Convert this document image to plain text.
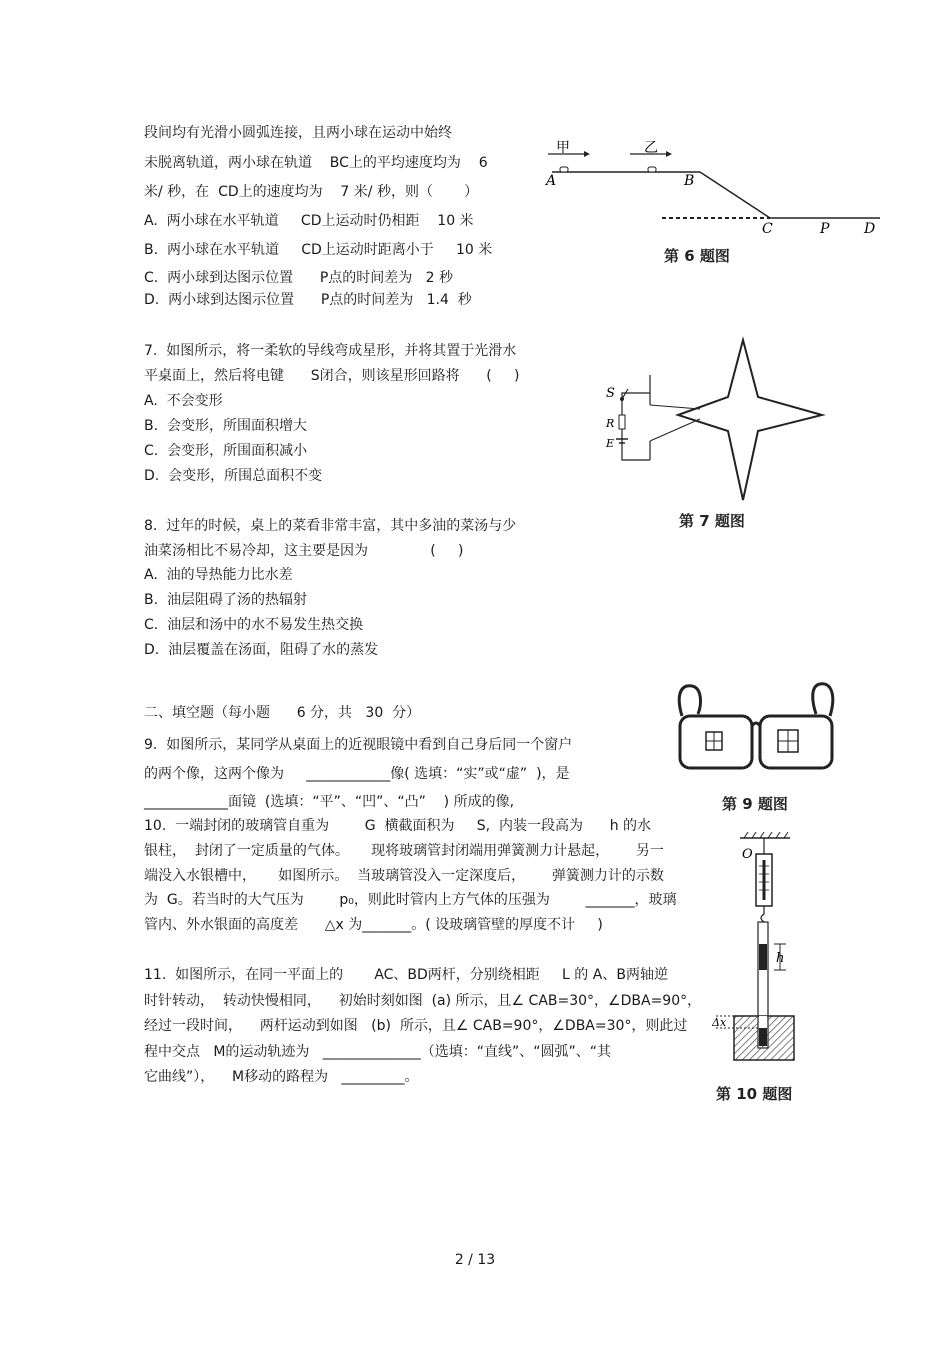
段间均有光滑小圆弧连接，且两小球在运动中始终
未脱离轨道，两小球在轨道    BC上的平均速度均为    6
米/ 秒，在  CD上的速度均为    7 米/ 秒，则（       ）
A.  两小球在水平轨道     CD上运动时仍相距    10 米
B.  两小球在水平轨道     CD上运动时距离小于     10 米
C.  两小球到达图示位置      P点的时间差为   2 秒
D.  两小球到达图示位置      P点的时间差为   1.4  秒
甲	乙
A	B
C	P D
第 6 题图
7.  如图所示，将一柔软的导线弯成星形，并将其置于光滑水
平桌面上，然后将电键      S闭合，则该星形回路将      (     )
A.  不会变形
B.  会变形，所围面积增大
C.  会变形，所围面积减小
D.  会变形，所围总面积不变
S
R
E
第 7 题图
8.  过年的时候，桌上的菜看非常丰富，其中多油的菜汤与少
油菜汤相比不易冷却，这主要是因为              (     )
A.  油的导热能力比水差
B.  油层阻碍了汤的热辐射
C.  油层和汤中的水不易发生热交换
D.  油层覆盖在汤面，阻碍了水的蒸发
二、填空题（每小题      6 分，共   30  分）
9.  如图所示，某同学从桌面上的近视眼镜中看到自己身后同一个窗户
的两个像，这两个像为     ____________像( 选填：“实”或“虚”  )，是
____________面镜  (选填：“平”、“凹”、“凸”    ) 所成的像,	第 9 题图
10.  一端封闭的玻璃管自重为        G  横截面积为     S,  内装一段高为      h 的水
银柱，  封闭了一定质量的气体。     现将玻璃管封闭端用弹簧测力计悬起，      另一
端没入水银槽中，     如图所示。  当玻璃管没入一定深度后，      弹簧测力计的示数
为  G。若当时的大气压为        p₀，则此时管内上方气体的压强为        _______，玻璃
管内、外水银面的高度差      △x 为_______。( 设玻璃管壁的厚度不计     )
O
h
Δx
第 10 题图
11.  如图所示，在同一平面上的       AC、BD两杆，分别绕相距     L 的 A、B两轴逆
时针转动，  转动快慢相同，    初始时刻如图  (a) 所示，且∠ CAB=30°，∠DBA=90°，
经过一段时间，    两杆运动到如图   (b)  所示，且∠ CAB=90°，∠DBA=30°，则此过
程中交点   M的运动轨迹为   ______________（选填：“直线”、“圆弧”、“其
它曲线”），    M移动的路程为   _________。
2 / 13
